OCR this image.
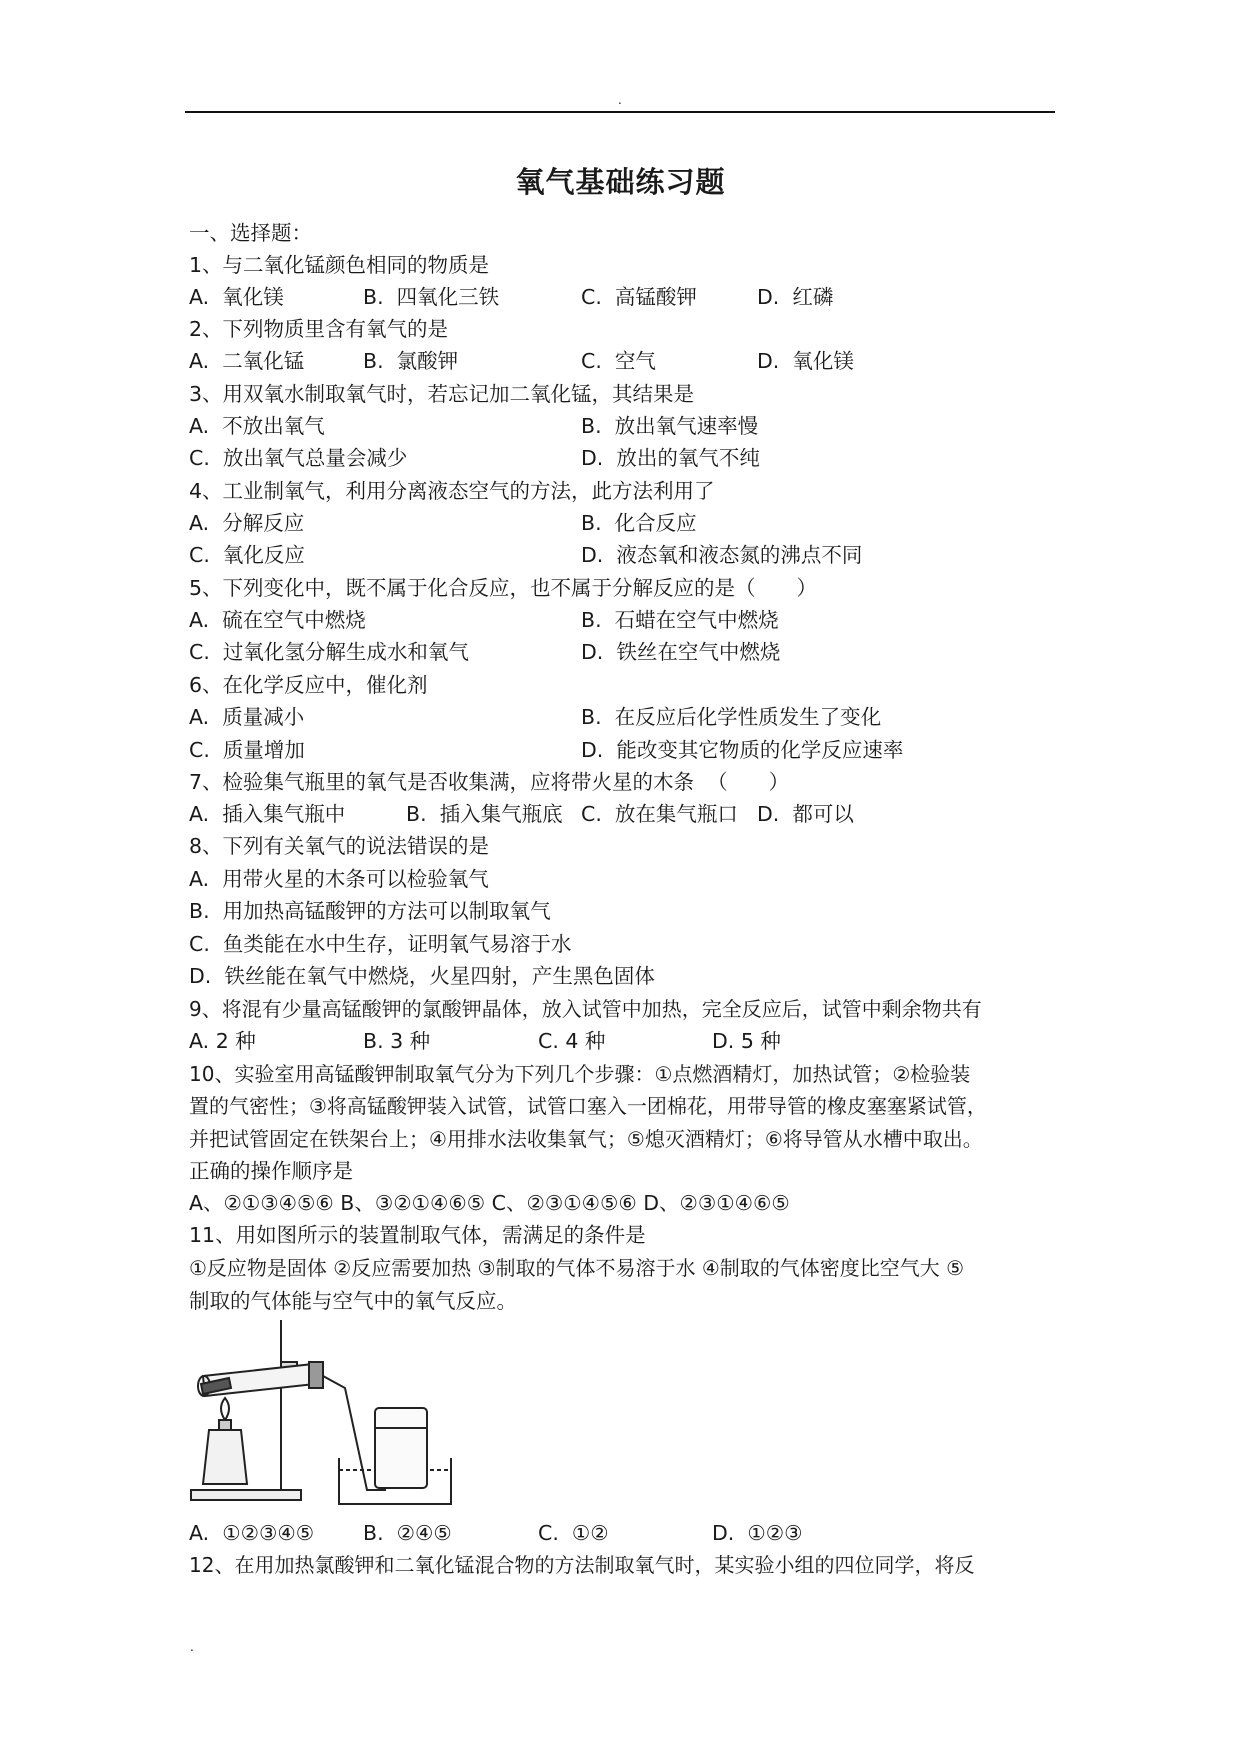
.
氧气基础练习题
一、选择题：
1、与二氧化锰颜色相同的物质是
A.  氧化镁	B.  四氧化三铁	C.  高锰酸钾	D.  红磷
2、下列物质里含有氧气的是
A.  二氧化锰	B.  氯酸钾	C.  空气	D.  氧化镁
3、用双氧水制取氧气时，若忘记加二氧化锰，其结果是
A.  不放出氧气	B.  放出氧气速率慢
C.  放出氧气总量会减少	D.  放出的氧气不纯
4、工业制氧气，利用分离液态空气的方法，此方法利用了
A.  分解反应	B.  化合反应
C.  氧化反应	D.  液态氧和液态氮的沸点不同
5、下列变化中，既不属于化合反应，也不属于分解反应的是（　　）
A.  硫在空气中燃烧	B.  石蜡在空气中燃烧
C.  过氧化氢分解生成水和氧气	D.  铁丝在空气中燃烧
6、在化学反应中，催化剂
A.  质量减小	B.  在反应后化学性质发生了变化
C.  质量增加	D.  能改变其它物质的化学反应速率
7、检验集气瓶里的氧气是否收集满，应将带火星的木条  （　　）
A.  插入集气瓶中	B.  插入集气瓶底 C.  放在集气瓶口 D.  都可以
8、下列有关氧气的说法错误的是
A.  用带火星的木条可以检验氧气
B.  用加热高锰酸钾的方法可以制取氧气
C.  鱼类能在水中生存，证明氧气易溶于水
D.  铁丝能在氧气中燃烧，火星四射，产生黑色固体
9、将混有少量高锰酸钾的氯酸钾晶体，放入试管中加热，完全反应后，试管中剩余物共有
A. 2 种	B. 3 种	C. 4 种	D. 5 种
10、实验室用高锰酸钾制取氧气分为下列几个步骤：①点燃酒精灯，加热试管；②检验装
置的气密性；③将高锰酸钾装入试管，试管口塞入一团棉花，用带导管的橡皮塞塞紧试管，
并把试管固定在铁架台上；④用排水法收集氧气；⑤熄灭酒精灯；⑥将导管从水槽中取出。
正确的操作顺序是
A、②①③④⑤⑥ B、③②①④⑥⑤ C、②③①④⑤⑥ D、②③①④⑥⑤
11、用如图所示的装置制取气体，需满足的条件是
①反应物是固体 ②反应需要加热 ③制取的气体不易溶于水 ④制取的气体密度比空气大 ⑤
制取的气体能与空气中的氧气反应。
A.  ①②③④⑤ B.  ②④⑤	C.  ①②	D.  ①②③
12、在用加热氯酸钾和二氧化锰混合物的方法制取氧气时，某实验小组的四位同学，将反
.
